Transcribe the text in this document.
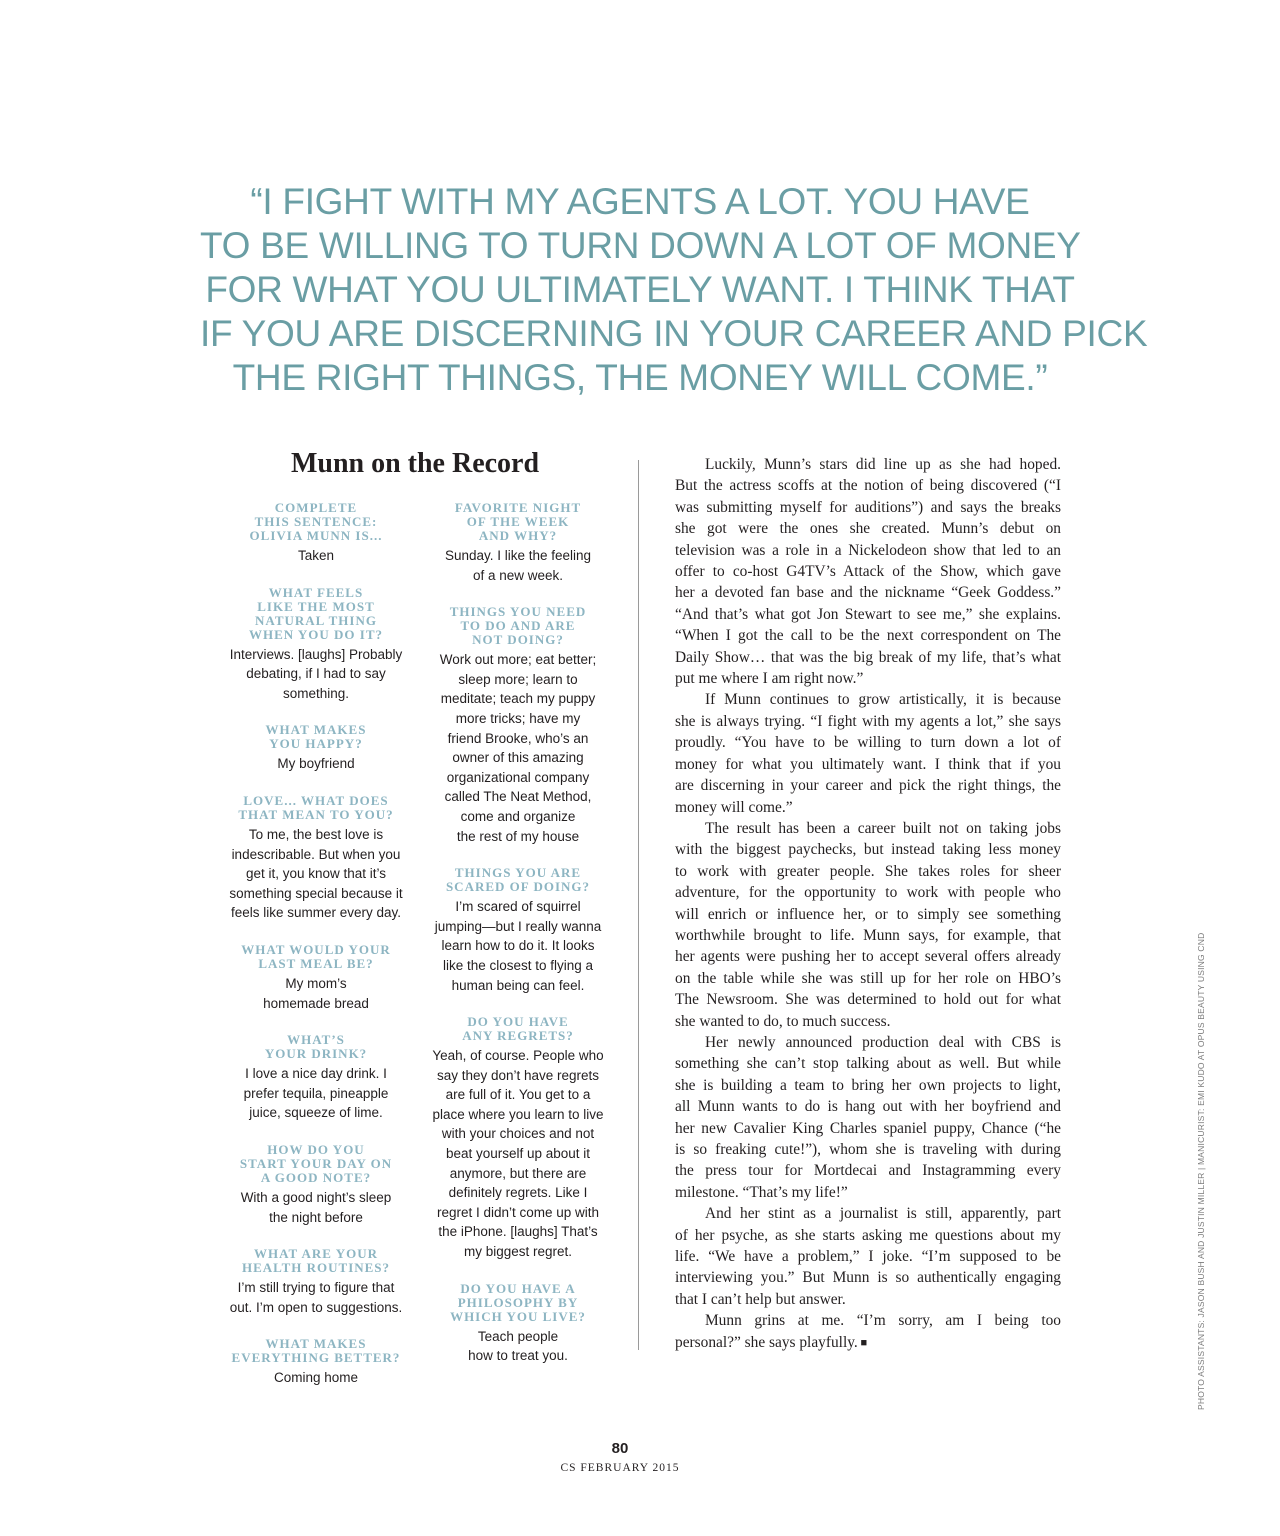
“I FIGHT WITH MY AGENTS A LOT. YOU HAVE
TO BE WILLING TO TURN DOWN A LOT OF MONEY
FOR WHAT YOU ULTIMATELY WANT. I THINK THAT
IF YOU ARE DISCERNING IN YOUR CAREER AND PICK
THE RIGHT THINGS, THE MONEY WILL COME.”
Munn on the Record
COMPLETE
THIS SENTENCE:
OLIVIA MUNN IS...
Taken
WHAT FEELS
LIKE THE MOST
NATURAL THING
WHEN YOU DO IT?
Interviews. [laughs] Probably
debating, if I had to say
something.
WHAT MAKES
YOU HAPPY?
My boyfriend
LOVE... WHAT DOES
THAT MEAN TO YOU?
To me, the best love is
indescribable. But when you
get it, you know that it’s
something special because it
feels like summer every day.
WHAT WOULD YOUR
LAST MEAL BE?
My mom’s
homemade bread
WHAT’S
YOUR DRINK?
I love a nice day drink. I
prefer tequila, pineapple
juice, squeeze of lime.
HOW DO YOU
START YOUR DAY ON
A GOOD NOTE?
With a good night’s sleep
the night before
WHAT ARE YOUR
HEALTH ROUTINES?
I’m still trying to figure that
out. I’m open to suggestions.
WHAT MAKES
EVERYTHING BETTER?
Coming home
FAVORITE NIGHT
OF THE WEEK
AND WHY?
Sunday. I like the feeling
of a new week.
THINGS YOU NEED
TO DO AND ARE
NOT DOING?
Work out more; eat better;
sleep more; learn to
meditate; teach my puppy
more tricks; have my
friend Brooke, who’s an
owner of this amazing
organizational company
called The Neat Method,
come and organize
the rest of my house
THINGS YOU ARE
SCARED OF DOING?
I’m scared of squirrel
jumping—but I really wanna
learn how to do it. It looks
like the closest to flying a
human being can feel.
DO YOU HAVE
ANY REGRETS?
Yeah, of course. People who
say they don’t have regrets
are full of it. You get to a
place where you learn to live
with your choices and not
beat yourself up about it
anymore, but there are
definitely regrets. Like I
regret I didn’t come up with
the iPhone. [laughs] That’s
my biggest regret.
DO YOU HAVE A
PHILOSOPHY BY
WHICH YOU LIVE?
Teach people
how to treat you.
Luckily, Munn’s stars did line up as she had hoped.
But the actress scoffs at the notion of being discovered (“I
was submitting myself for auditions”) and says the breaks
she got were the ones she created. Munn’s debut on
television was a role in a Nickelodeon show that led to an
offer to co-host G4TV’s Attack of the Show, which gave
her a devoted fan base and the nickname “Geek Goddess.”
“And that’s what got Jon Stewart to see me,” she explains.
“When I got the call to be the next correspondent on The
Daily Show… that was the big break of my life, that’s what
put me where I am right now.”
If Munn continues to grow artistically, it is because
she is always trying. “I fight with my agents a lot,” she says
proudly. “You have to be willing to turn down a lot of
money for what you ultimately want. I think that if you
are discerning in your career and pick the right things, the
money will come.”
The result has been a career built not on taking jobs
with the biggest paychecks, but instead taking less money
to work with greater people. She takes roles for sheer
adventure, for the opportunity to work with people who
will enrich or influence her, or to simply see something
worthwhile brought to life. Munn says, for example, that
her agents were pushing her to accept several offers already
on the table while she was still up for her role on HBO’s
The Newsroom. She was determined to hold out for what
she wanted to do, to much success.
Her newly announced production deal with CBS is
something she can’t stop talking about as well. But while
she is building a team to bring her own projects to light,
all Munn wants to do is hang out with her boyfriend and
her new Cavalier King Charles spaniel puppy, Chance (“he
is so freaking cute!”), whom she is traveling with during
the press tour for Mortdecai and Instagramming every
milestone. “That’s my life!”
And her stint as a journalist is still, apparently, part
of her psyche, as she starts asking me questions about my
life. “We have a problem,” I joke. “I’m supposed to be
interviewing you.” But Munn is so authentically engaging
that I can’t help but answer.
Munn grins at me. “I’m sorry, am I being too
personal?” she says playfully. ■	PHOTO ASSISTANTS: JASON BUSH AND JUSTIN MILLER | MANICURIST: EMI KUDO AT OPUS BEAUTY USING CND
80
CS FEBRUARY 2015
